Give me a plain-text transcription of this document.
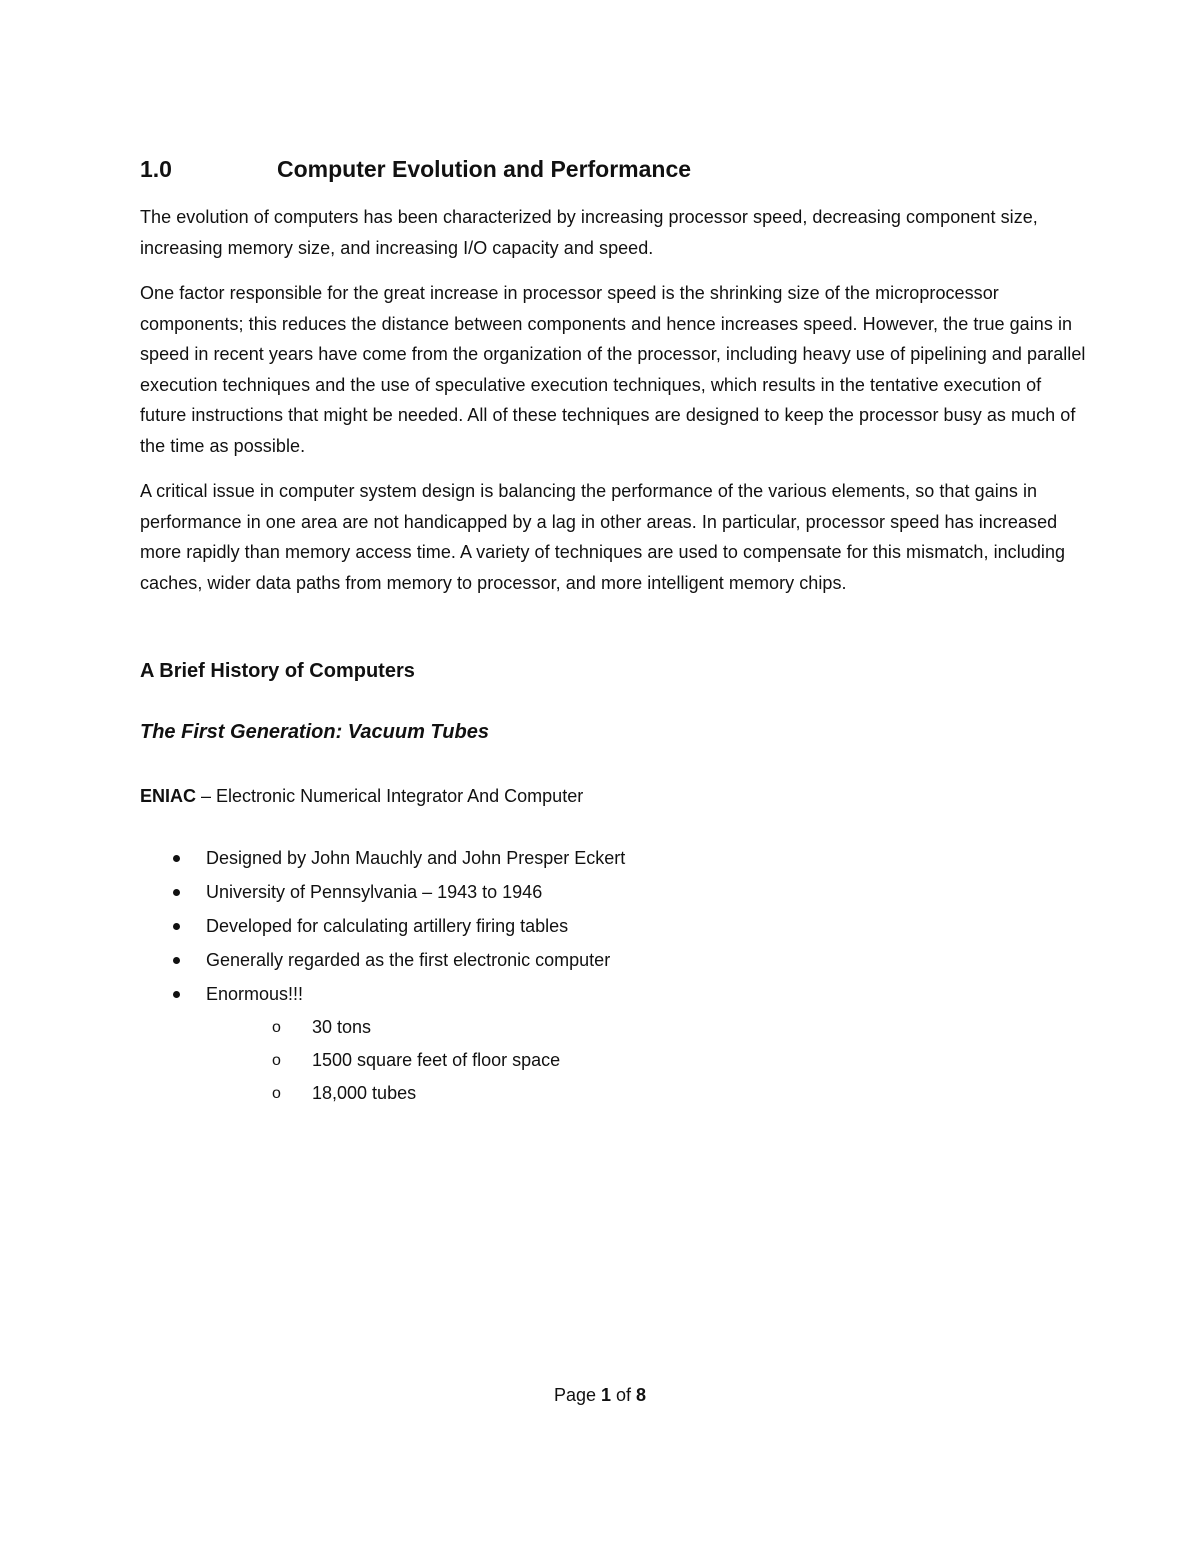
1.0	Computer Evolution and Performance

The evolution of computers has been characterized by increasing processor speed, decreasing component size, increasing memory size, and increasing I/O capacity and speed.

One factor responsible for the great increase in processor speed is the shrinking size of the microprocessor components; this reduces the distance between components and hence increases speed. However, the true gains in speed in recent years have come from the organization of the processor, including heavy use of pipelining and parallel execution techniques and the use of speculative execution techniques, which results in the tentative execution of future instructions that might be needed. All of these techniques are designed to keep the processor busy as much of the time as possible.

A critical issue in computer system design is balancing the performance of the various elements, so that gains in performance in one area are not handicapped by a lag in other areas. In particular, processor speed has increased more rapidly than memory access time. A variety of techniques are used to compensate for this mismatch, including caches, wider data paths from memory to processor, and more intelligent memory chips.

A Brief History of Computers
The First Generation: Vacuum Tubes
ENIAC – Electronic Numerical Integrator And Computer
Designed by John Mauchly and John Presper Eckert
University of Pennsylvania – 1943 to 1946
Developed for calculating artillery firing tables
Generally regarded as the first electronic computer
Enormous!!!
o 30 tons
o 1500 square feet of floor space
o 18,000 tubes
Page 1 of 8
